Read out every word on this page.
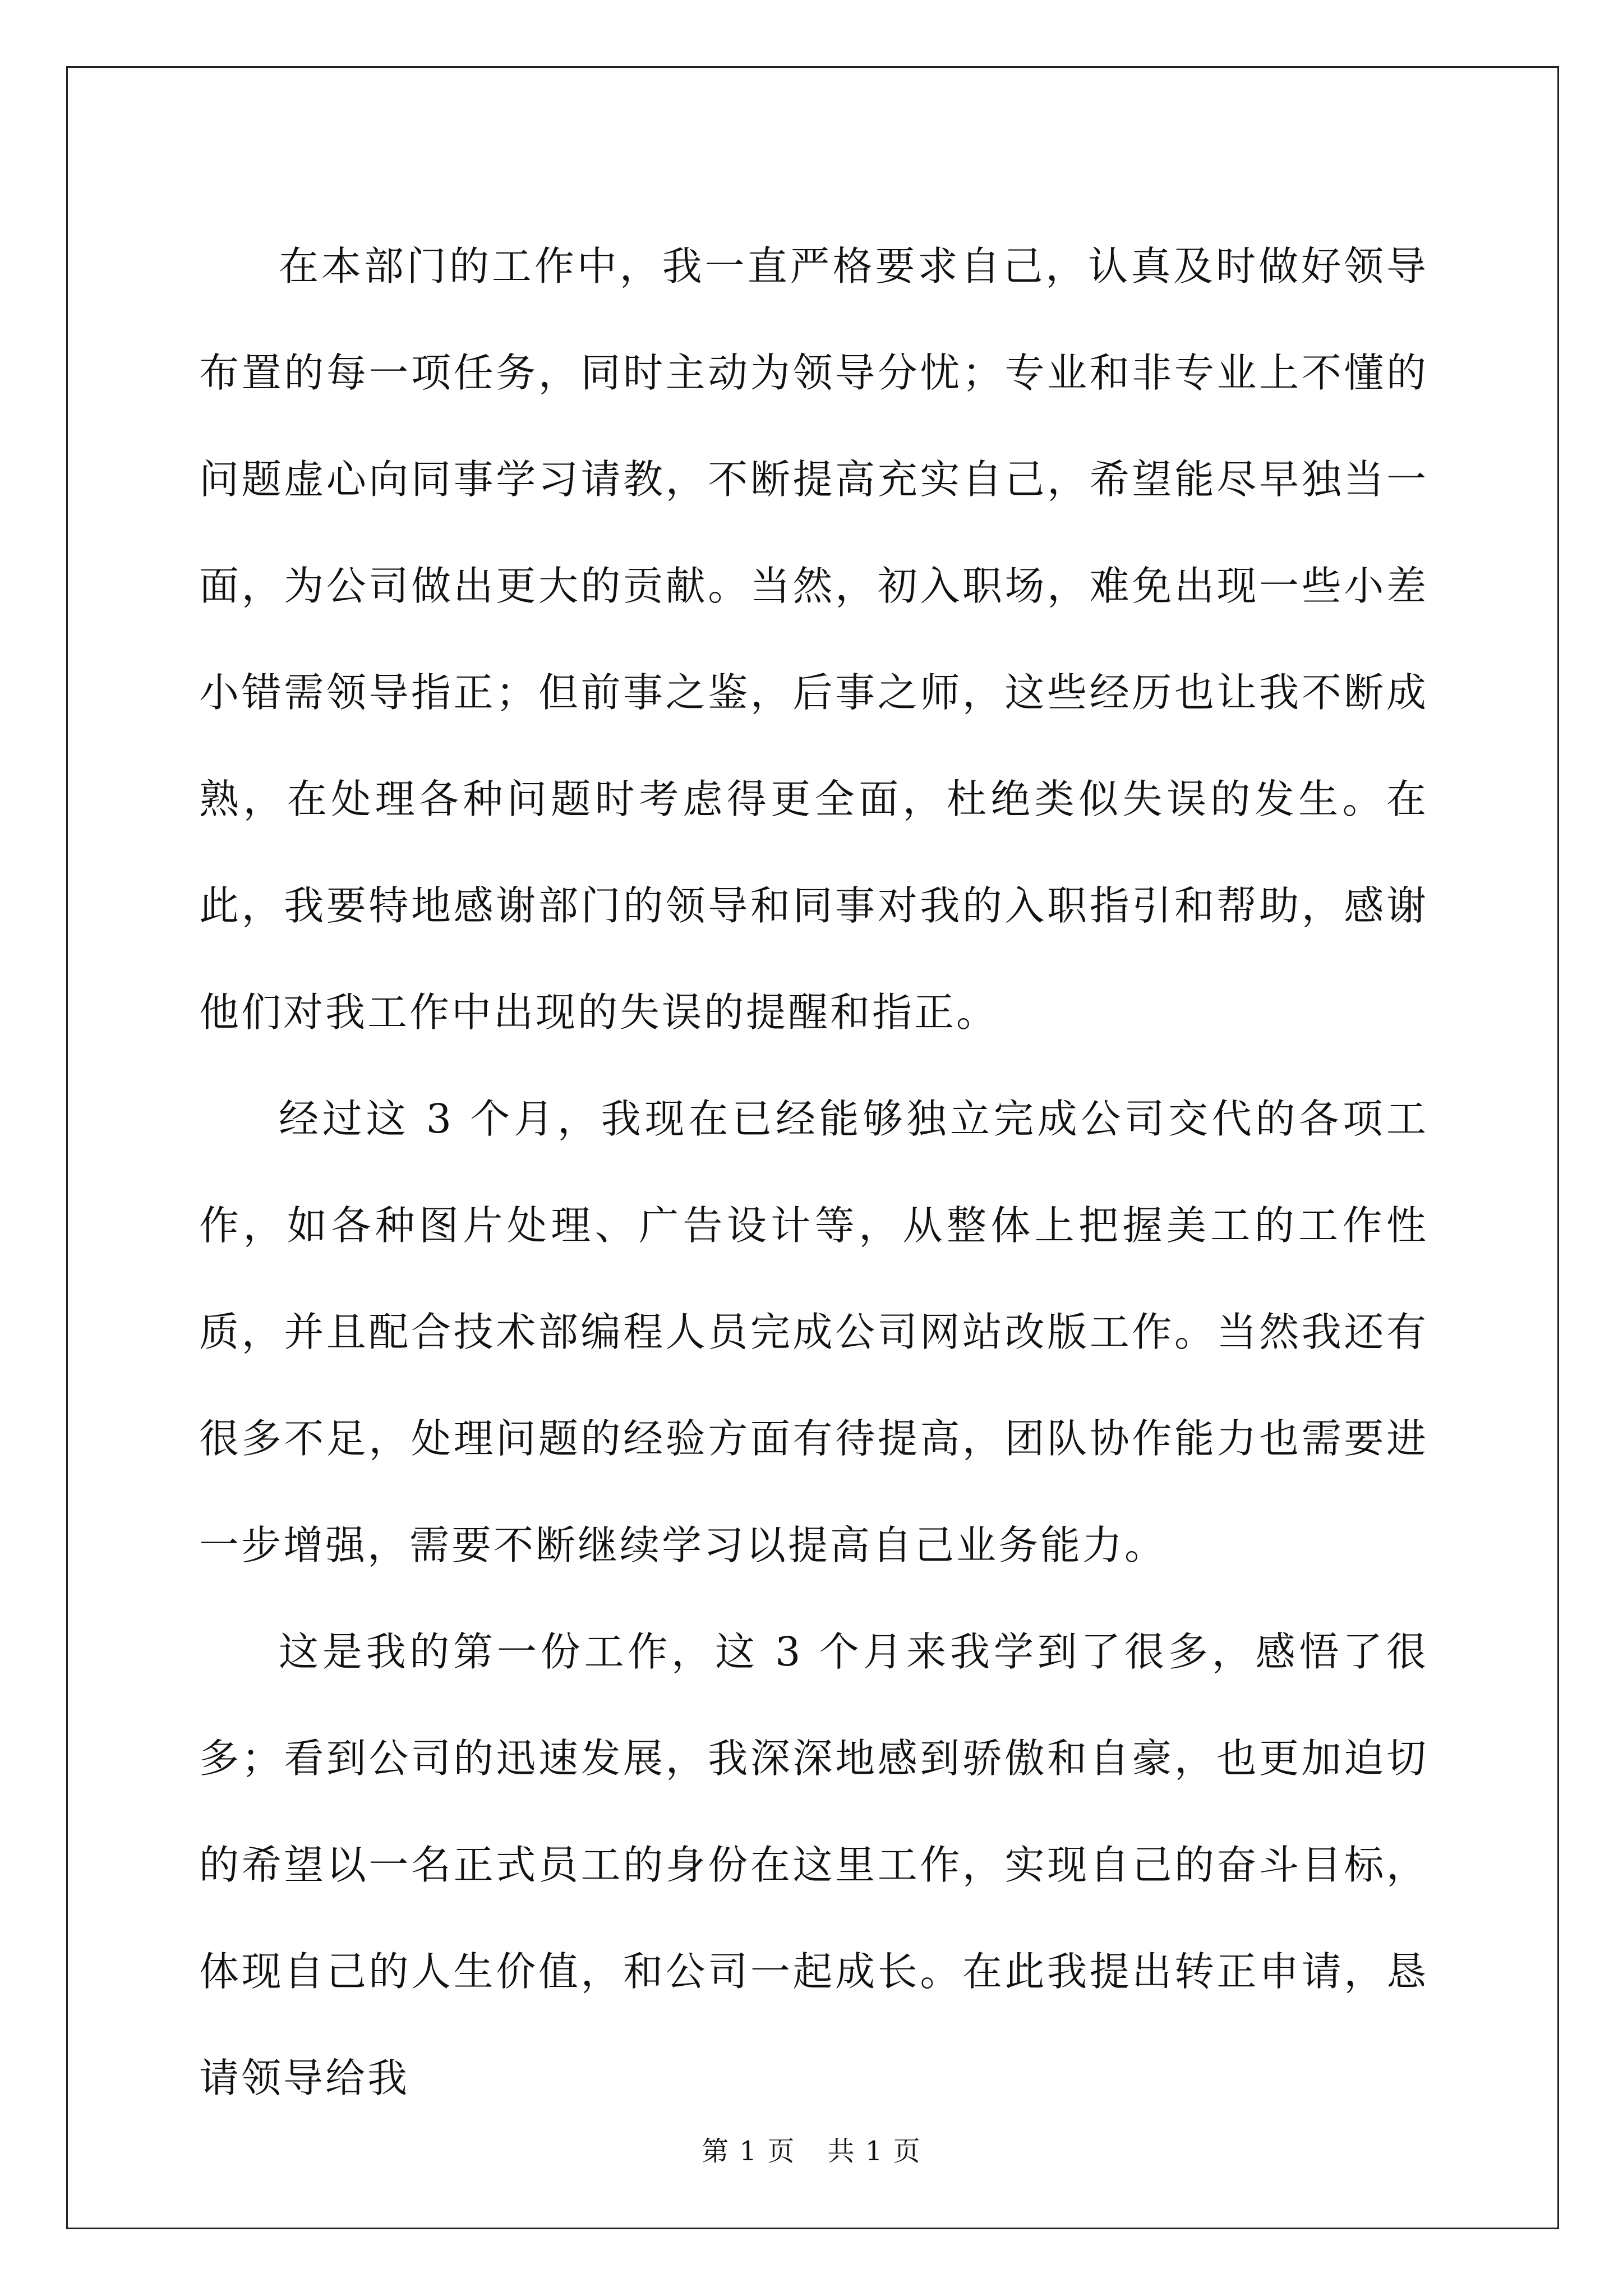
在本部门的工作中，我一直严格要求自己，认真及时做好领导布置的每一项任务，同时主动为领导分忧；专业和非专业上不懂的问题虚心向同事学习请教，不断提高充实自己，希望能尽早独当一面，为公司做出更大的贡献。当然，初入职场，难免出现一些小差小错需领导指正；但前事之鉴，后事之师，这些经历也让我不断成熟，在处理各种问题时考虑得更全面，杜绝类似失误的发生。在此，我要特地感谢部门的领导和同事对我的入职指引和帮助，感谢他们对我工作中出现的失误的提醒和指正。

经过这 3 个月，我现在已经能够独立完成公司交代的各项工作，如各种图片处理、广告设计等，从整体上把握美工的工作性质，并且配合技术部编程人员完成公司网站改版工作。当然我还有很多不足，处理问题的经验方面有待提高，团队协作能力也需要进一步增强，需要不断继续学习以提高自己业务能力。

这是我的第一份工作，这 3 个月来我学到了很多，感悟了很多；看到公司的迅速发展，我深深地感到骄傲和自豪，也更加迫切的希望以一名正式员工的身份在这里工作，实现自己的奋斗目标，体现自己的人生价值，和公司一起成长。在此我提出转正申请，恳请领导给我

第 1 页 共 1 页
